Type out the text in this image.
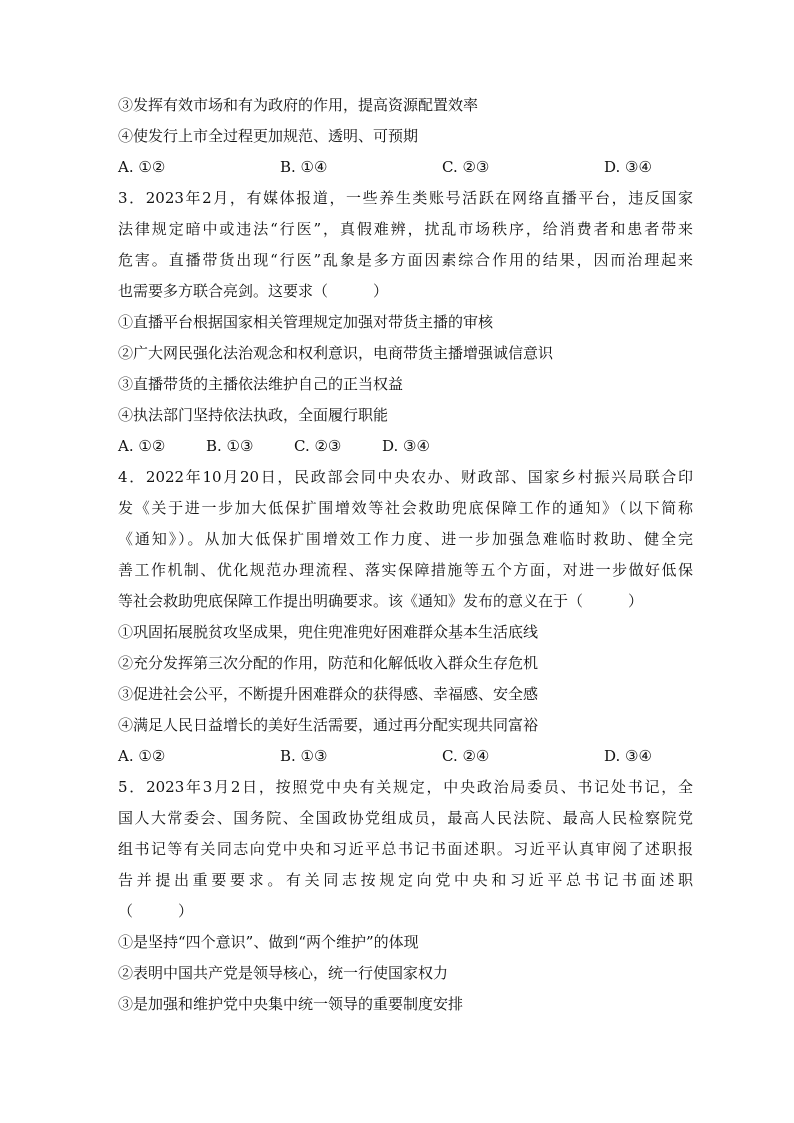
③发挥有效市场和有为政府的作用，提高资源配置效率
④使发行上市全过程更加规范、透明、可预期
A. ①②	B. ①④	C. ②③	D. ③④
3．2023年2月，有媒体报道，一些养生类账号活跃在网络直播平台，违反国家
法律规定暗中或违法“行医”，真假难辨，扰乱市场秩序，给消费者和患者带来
危害。直播带货出现“行医”乱象是多方面因素综合作用的结果，因而治理起来
也需要多方联合亮剑。这要求（　　　）
①直播平台根据国家相关管理规定加强对带货主播的审核
②广大网民强化法治观念和权利意识，电商带货主播增强诚信意识
③直播带货的主播依法维护自己的正当权益
④执法部门坚持依法执政，全面履行职能
A. ①②	B. ①③	C. ②③	D. ③④
4．2022年10月20日，民政部会同中央农办、财政部、国家乡村振兴局联合印
发《关于进一步加大低保扩围增效等社会救助兜底保障工作的通知》（以下简称
《通知》）。从加大低保扩围增效工作力度、进一步加强急难临时救助、健全完
善工作机制、优化规范办理流程、落实保障措施等五个方面，对进一步做好低保
等社会救助兜底保障工作提出明确要求。该《通知》发布的意义在于（　　　）
①巩固拓展脱贫攻坚成果，兜住兜准兜好困难群众基本生活底线
②充分发挥第三次分配的作用，防范和化解低收入群众生存危机
③促进社会公平，不断提升困难群众的获得感、幸福感、安全感
④满足人民日益增长的美好生活需要，通过再分配实现共同富裕
A. ①②	B. ①③	C. ②④	D. ③④
5．2023年3月2日，按照党中央有关规定，中央政治局委员、书记处书记，全
国人大常委会、国务院、全国政协党组成员，最高人民法院、最高人民检察院党
组书记等有关同志向党中央和习近平总书记书面述职。习近平认真审阅了述职报
告并提出重要要求。有关同志按规定向党中央和习近平总书记书面述职
（　　　）
①是坚持“四个意识”、做到“两个维护”的体现
②表明中国共产党是领导核心，统一行使国家权力
③是加强和维护党中央集中统一领导的重要制度安排
